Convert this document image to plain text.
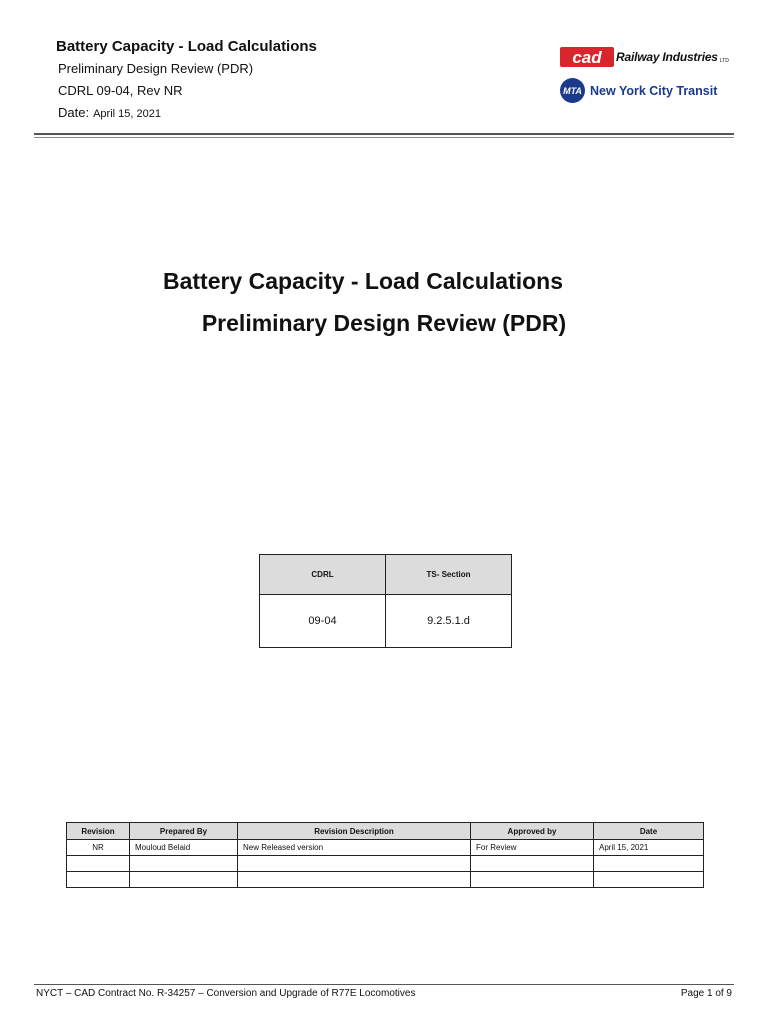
Battery Capacity - Load Calculations

Preliminary Design Review (PDR)

CDRL 09-04, Rev NR

Date: April 15, 2021

cad Railway Industries LTD
MTA New York City Transit
Battery Capacity - Load Calculations
Preliminary Design Review (PDR)
CDRL	TS- Section
09-04	9.2.5.1.d
Revision	Prepared By	Revision Description	Approved by	Date
NR	Mouloud Belaid	New Released version	For Review	April 15, 2021

NYCT – CAD Contract No. R-34257 – Conversion and Upgrade of R77E Locomotives	Page 1 of 9
